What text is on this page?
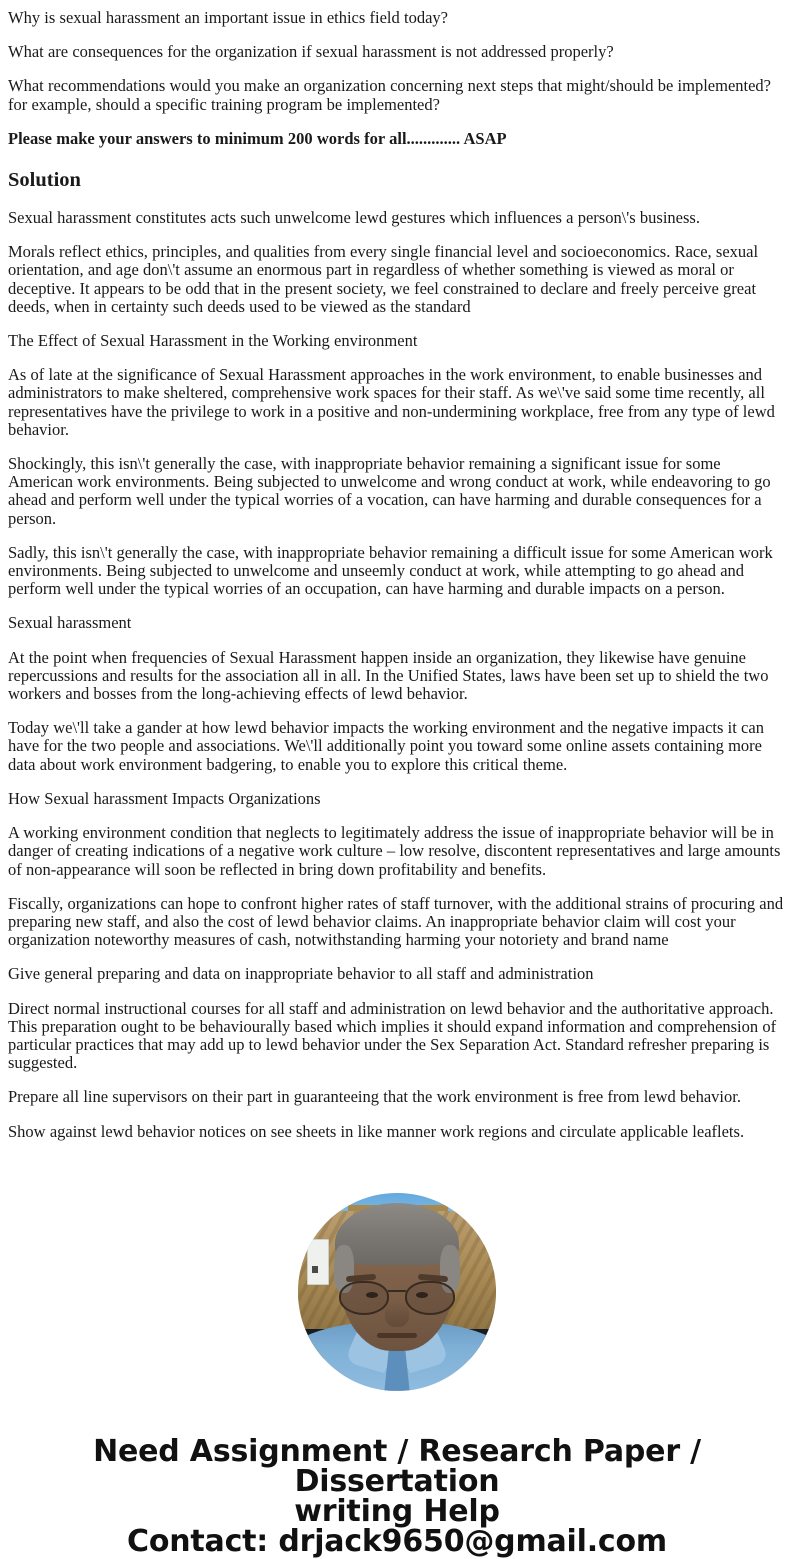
Why is sexual harassment an important issue in ethics field today?

What are consequences for the organization if sexual harassment is not addressed properly?

What recommendations would you make an organization concerning next steps that might/should be implemented? for example, should a specific training program be implemented?

Please make your answers to minimum 200 words for all............. ASAP

Solution

Sexual harassment constitutes acts such unwelcome lewd gestures which influences a person\'s business.

Morals reflect ethics, principles, and qualities from every single financial level and socioeconomics. Race, sexual orientation, and age don\'t assume an enormous part in regardless of whether something is viewed as moral or deceptive. It appears to be odd that in the present society, we feel constrained to declare and freely perceive great deeds, when in certainty such deeds used to be viewed as the standard

The Effect of Sexual Harassment in the Working environment

As of late at the significance of Sexual Harassment approaches in the work environment, to enable businesses and administrators to make sheltered, comprehensive work spaces for their staff. As we\'ve said some time recently, all representatives have the privilege to work in a positive and non-undermining workplace, free from any type of lewd behavior.

Shockingly, this isn\'t generally the case, with inappropriate behavior remaining a significant issue for some American work environments. Being subjected to unwelcome and wrong conduct at work, while endeavoring to go ahead and perform well under the typical worries of a vocation, can have harming and durable consequences for a person.

Sadly, this isn\'t generally the case, with inappropriate behavior remaining a difficult issue for some American work environments. Being subjected to unwelcome and unseemly conduct at work, while attempting to go ahead and perform well under the typical worries of an occupation, can have harming and durable impacts on a person.

Sexual harassment

At the point when frequencies of Sexual Harassment happen inside an organization, they likewise have genuine repercussions and results for the association all in all. In the Unified States, laws have been set up to shield the two workers and bosses from the long-achieving effects of lewd behavior.

Today we\'ll take a gander at how lewd behavior impacts the working environment and the negative impacts it can have for the two people and associations. We\'ll additionally point you toward some online assets containing more data about work environment badgering, to enable you to explore this critical theme.

How Sexual harassment Impacts Organizations

A working environment condition that neglects to legitimately address the issue of inappropriate behavior will be in danger of creating indications of a negative work culture – low resolve, discontent representatives and large amounts of non-appearance will soon be reflected in bring down profitability and benefits.

Fiscally, organizations can hope to confront higher rates of staff turnover, with the additional strains of procuring and preparing new staff, and also the cost of lewd behavior claims. An inappropriate behavior claim will cost your organization noteworthy measures of cash, notwithstanding harming your notoriety and brand name

Give general preparing and data on inappropriate behavior to all staff and administration

Direct normal instructional courses for all staff and administration on lewd behavior and the authoritative approach. This preparation ought to be behaviourally based which implies it should expand information and comprehension of particular practices that may add up to lewd behavior under the Sex Separation Act. Standard refresher preparing is suggested.

Prepare all line supervisors on their part in guaranteeing that the work environment is free from lewd behavior.

Show against lewd behavior notices on see sheets in like manner work regions and circulate applicable leaflets.

Need Assignment / Research Paper / Dissertation
writing Help
Contact: drjack9650@gmail.com
